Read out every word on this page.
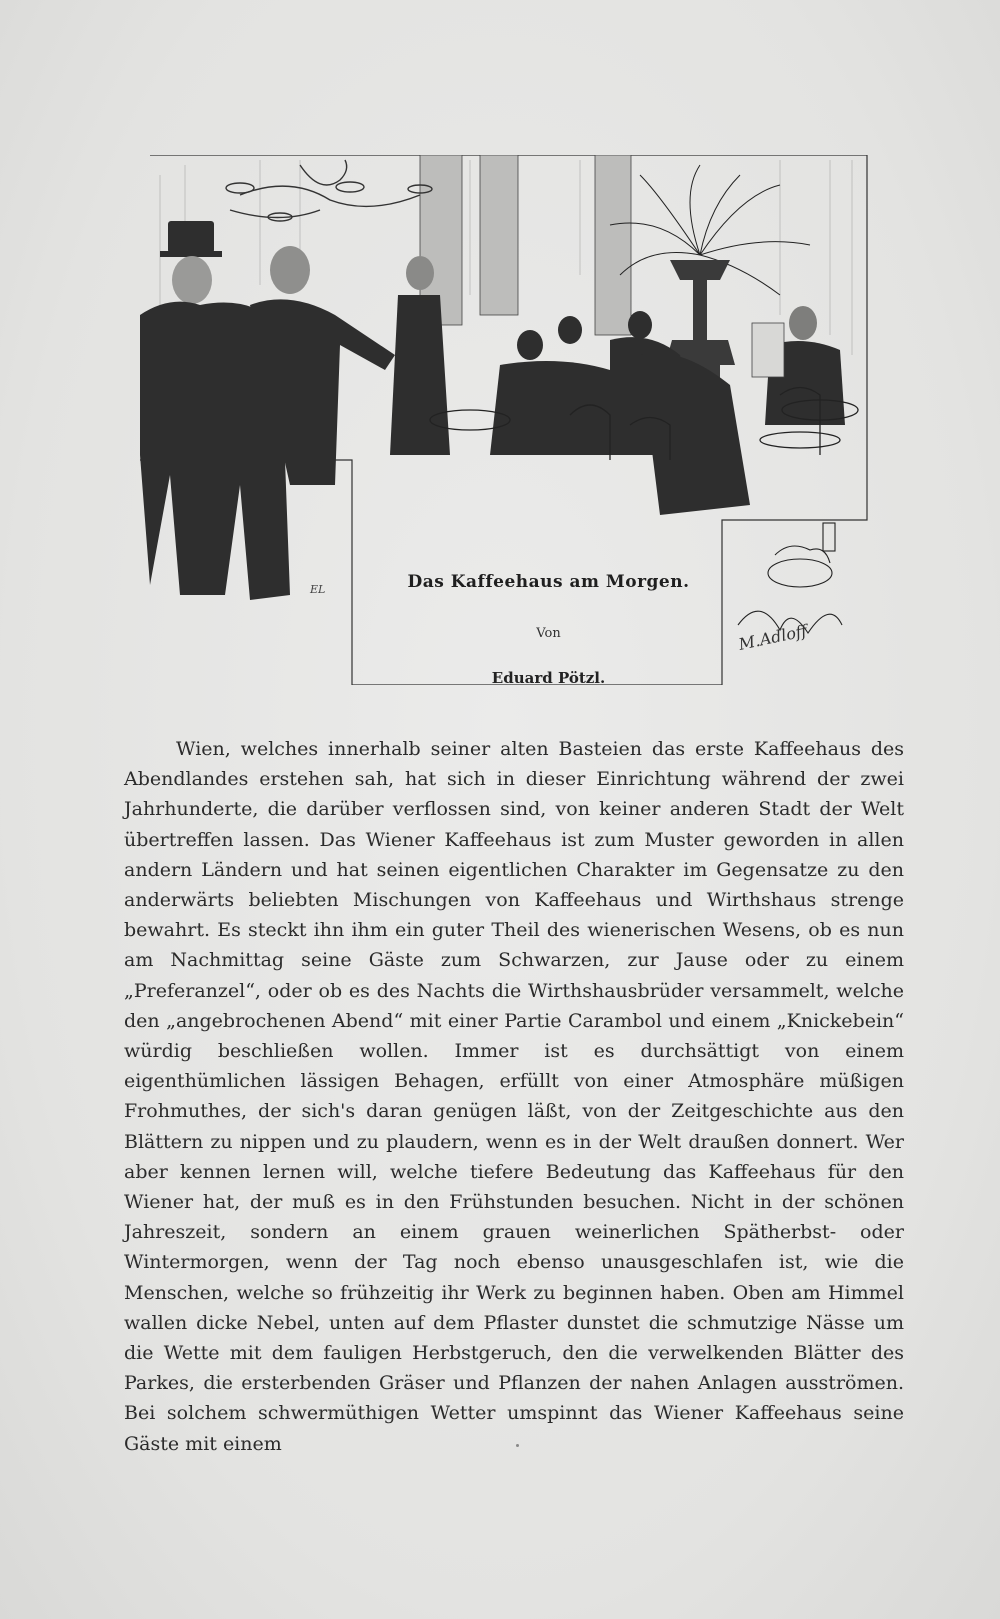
EL
M.Adloff
Das Kaffeehaus am Morgen.
Von
Eduard Pötzl.
Wien, welches innerhalb seiner alten Basteien das erste Kaffeehaus des Abendlandes erstehen sah, hat sich in dieser Einrichtung während der zwei Jahrhunderte, die darüber verflossen sind, von keiner anderen Stadt der Welt übertreffen lassen. Das Wiener Kaffeehaus ist zum Muster geworden in allen andern Ländern und hat seinen eigentlichen Charakter im Gegensatze zu den anderwärts beliebten Mischungen von Kaffeehaus und Wirthshaus strenge bewahrt. Es steckt ihn ihm ein guter Theil des wienerischen Wesens, ob es nun am Nachmittag seine Gäste zum Schwarzen, zur Jause oder zu einem „Preferanzel“, oder ob es des Nachts die Wirthshausbrüder versammelt, welche den „angebrochenen Abend“ mit einer Partie Carambol und einem „Knickebein“ würdig beschließen wollen. Immer ist es durchsättigt von einem eigenthümlichen lässigen Behagen, erfüllt von einer Atmosphäre müßigen Frohmuthes, der sich's daran genügen läßt, von der Zeitgeschichte aus den Blättern zu nippen und zu plaudern, wenn es in der Welt draußen donnert. Wer aber kennen lernen will, welche tiefere Bedeutung das Kaffeehaus für den Wiener hat, der muß es in den Frühstunden besuchen. Nicht in der schönen Jahreszeit, sondern an einem grauen weinerlichen Spätherbst- oder Wintermorgen, wenn der Tag noch ebenso unausgeschlafen ist, wie die Menschen, welche so frühzeitig ihr Werk zu beginnen haben. Oben am Himmel wallen dicke Nebel, unten auf dem Pflaster dunstet die schmutzige Nässe um die Wette mit dem fauligen Herbstgeruch, den die verwelkenden Blätter des Parkes, die ersterbenden Gräser und Pflanzen der nahen Anlagen ausströmen. Bei solchem schwermüthigen Wetter umspinnt das Wiener Kaffeehaus seine Gäste mit einem
